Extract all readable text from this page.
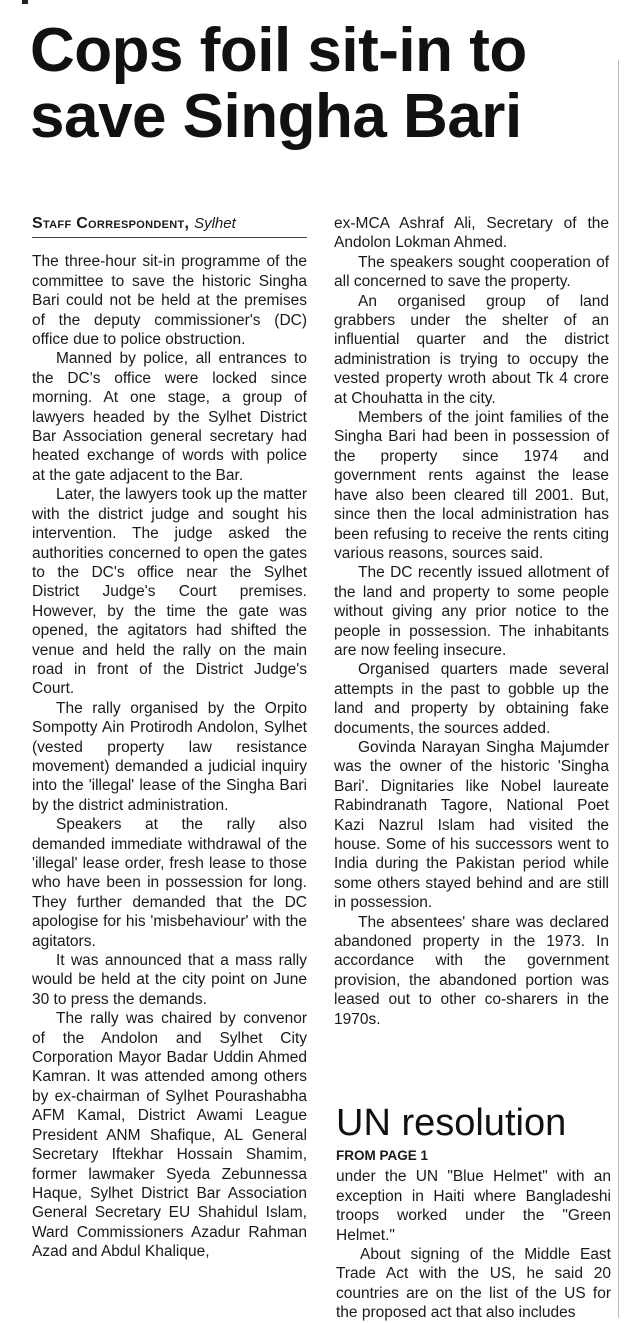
Cops foil sit-in to save Singha Bari
Staff Correspondent, Sylhet

The three-hour sit-in programme of the committee to save the historic Singha Bari could not be held at the premises of the deputy commissioner's (DC) office due to police obstruction.

Manned by police, all entrances to the DC's office were locked since morning. At one stage, a group of lawyers headed by the Sylhet District Bar Association general secretary had heated exchange of words with police at the gate adjacent to the Bar.

Later, the lawyers took up the matter with the district judge and sought his intervention. The judge asked the authorities concerned to open the gates to the DC's office near the Sylhet District Judge's Court premises. However, by the time the gate was opened, the agitators had shifted the venue and held the rally on the main road in front of the District Judge's Court.

The rally organised by the Orpito Sompotty Ain Protirodh Andolon, Sylhet (vested property law resistance movement) demanded a judicial inquiry into the 'illegal' lease of the Singha Bari by the district administration.

Speakers at the rally also demanded immediate withdrawal of the 'illegal' lease order, fresh lease to those who have been in possession for long. They further demanded that the DC apologise for his 'misbehaviour' with the agitators.

It was announced that a mass rally would be held at the city point on June 30 to press the demands.

The rally was chaired by convenor of the Andolon and Sylhet City Corporation Mayor Badar Uddin Ahmed Kamran. It was attended among others by ex-chairman of Sylhet Pourashabha AFM Kamal, District Awami League President ANM Shafique, AL General Secretary Iftekhar Hossain Shamim, former lawmaker Syeda Zebunnessa Haque, Sylhet District Bar Association General Secretary EU Shahidul Islam, Ward Commissioners Azadur Rahman Azad and Abdul Khalique,

ex-MCA Ashraf Ali, Secretary of the Andolon Lokman Ahmed.

The speakers sought cooperation of all concerned to save the property.

An organised group of land grabbers under the shelter of an influential quarter and the district administration is trying to occupy the vested property wroth about Tk 4 crore at Chouhatta in the city.

Members of the joint families of the Singha Bari had been in possession of the property since 1974 and government rents against the lease have also been cleared till 2001. But, since then the local administration has been refusing to receive the rents citing various reasons, sources said.

The DC recently issued allotment of the land and property to some people without giving any prior notice to the people in possession. The inhabitants are now feeling insecure.

Organised quarters made several attempts in the past to gobble up the land and property by obtaining fake documents, the sources added.

Govinda Narayan Singha Majumder was the owner of the historic 'Singha Bari'. Dignitaries like Nobel laureate Rabindranath Tagore, National Poet Kazi Nazrul Islam had visited the house. Some of his successors went to India during the Pakistan period while some others stayed behind and are still in possession.

The absentees' share was declared abandoned property in the 1973. In accordance with the government provision, the abandoned portion was leased out to other co-sharers in the 1970s.

UN resolution
FROM PAGE 1

under the UN "Blue Helmet" with an exception in Haiti where Bangladeshi troops worked under the "Green Helmet."

About signing of the Middle East Trade Act with the US, he said 20 countries are on the list of the US for the proposed act that also includes
